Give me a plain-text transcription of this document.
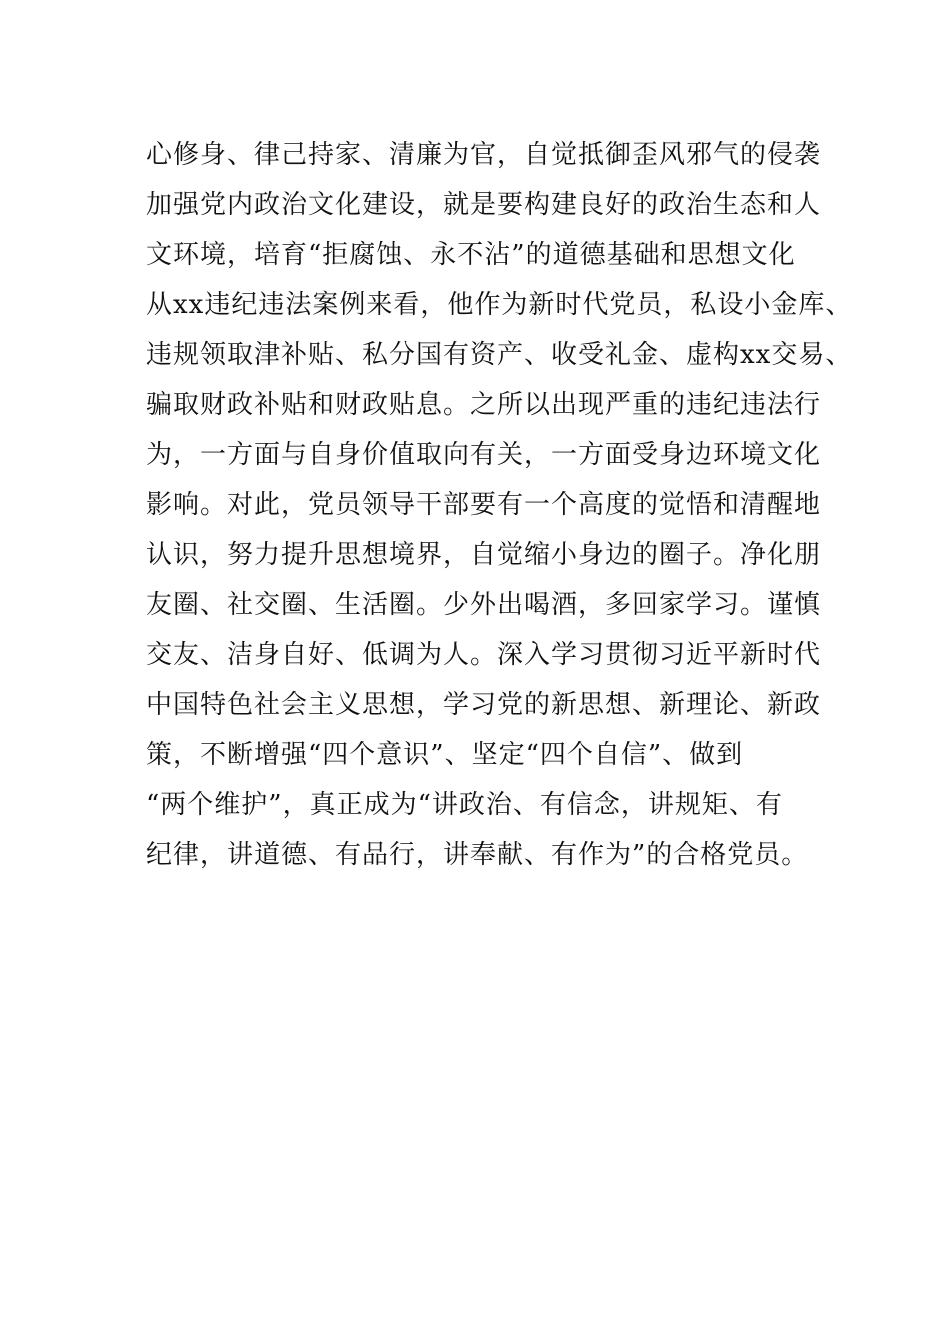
心修身、律己持家、清廉为官，自觉抵御歪风邪气的侵袭
加强党内政治文化建设，就是要构建良好的政治生态和人
文环境，培育“拒腐蚀、永不沾”的道德基础和思想文化
从xx违纪违法案例来看，他作为新时代党员，私设小金库、
违规领取津补贴、私分国有资产、收受礼金、虚构xx交易、
骗取财政补贴和财政贴息。之所以出现严重的违纪违法行
为，一方面与自身价值取向有关，一方面受身边环境文化
影响。对此，党员领导干部要有一个高度的觉悟和清醒地
认识，努力提升思想境界，自觉缩小身边的圈子。净化朋
友圈、社交圈、生活圈。少外出喝酒，多回家学习。谨慎
交友、洁身自好、低调为人。深入学习贯彻习近平新时代
中国特色社会主义思想，学习党的新思想、新理论、新政
策，不断增强“四个意识”、坚定“四个自信”、做到
“两个维护”，真正成为“讲政治、有信念，讲规矩、有
纪律，讲道德、有品行，讲奉献、有作为”的合格党员。
